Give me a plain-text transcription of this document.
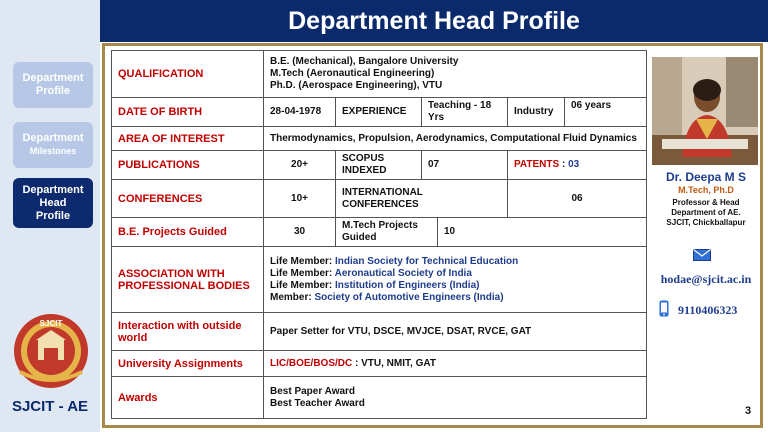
Department
Profile
Department
Milestones
Department
Head
Profile
SJCIT
SJCIT - AE
Department Head Profile
QUALIFICATION	B.E. (Mechanical), Bangalore University
M.Tech (Aeronautical Engineering)
Ph.D. (Aerospace Engineering), VTU					

DATE OF BIRTH	28-04-1978	EXPERIENCE	Teaching - 18 Yrs		Industry	06 years
AREA OF INTEREST	Thermodynamics, Propulsion, Aerodynamics, Computational Fluid Dynamics					
PUBLICATIONS	20+	SCOPUS INDEXED	07		PATENTS : 03	
CONFERENCES	10+	INTERNATIONAL CONFERENCES			06	
B.E. Projects Guided	30	M.Tech Projects Guided		10		
ASSOCIATION WITH PROFESSIONAL BODIES	Life Member: Indian Society for Technical Education
Life Member: Aeronautical Society of India
Life Member: Institution of Engineers (India)
Member: Society of Automotive Engineers (India)					

Interaction with outside world	Paper Setter for VTU, DSCE, MVJCE, DSAT, RVCE, GAT					
University Assignments	LIC/BOE/BOS/DC : VTU, NMIT, GAT					
Awards	Best Paper Award
Best Teacher Award					
Dr. Deepa M S
M.Tech, Ph.D
Professor & Head
Department of AE.
SJCIT, Chickballapur
hodae@sjcit.ac.in
9110406323
3
